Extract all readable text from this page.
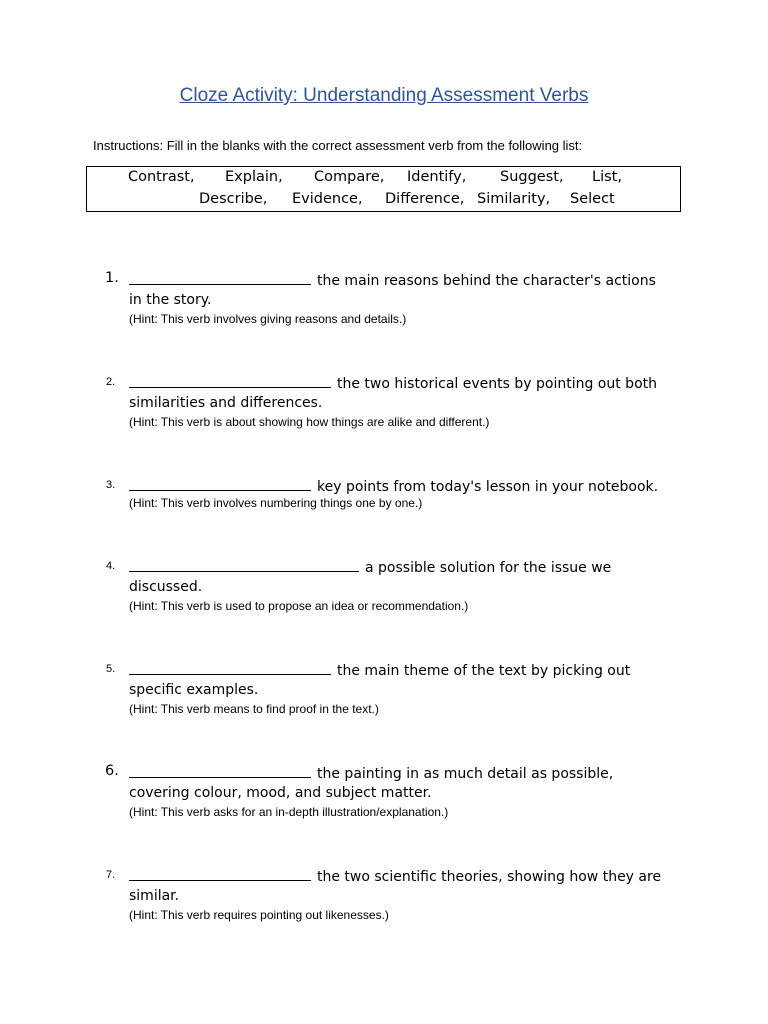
Cloze Activity: Understanding Assessment Verbs
Instructions: Fill in the blanks with the correct assessment verb from the following list:
Contrast, Explain, Compare, Identify, Suggest, List,
Describe, Evidence, Difference, Similarity, Select
1.	the main reasons behind the character's actions
in the story.
(Hint: This verb involves giving reasons and details.)
2.	the two historical events by pointing out both
similarities and differences.
(Hint: This verb is about showing how things are alike and different.)
3.	key points from today's lesson in your notebook.
(Hint: This verb involves numbering things one by one.)
4.	a possible solution for the issue we
discussed.
(Hint: This verb is used to propose an idea or recommendation.)
5.	the main theme of the text by picking out
specific examples.
(Hint: This verb means to find proof in the text.)
6.	the painting in as much detail as possible,
covering colour, mood, and subject matter.
(Hint: This verb asks for an in-depth illustration/explanation.)
7.	the two scientific theories, showing how they are
similar.
(Hint: This verb requires pointing out likenesses.)
